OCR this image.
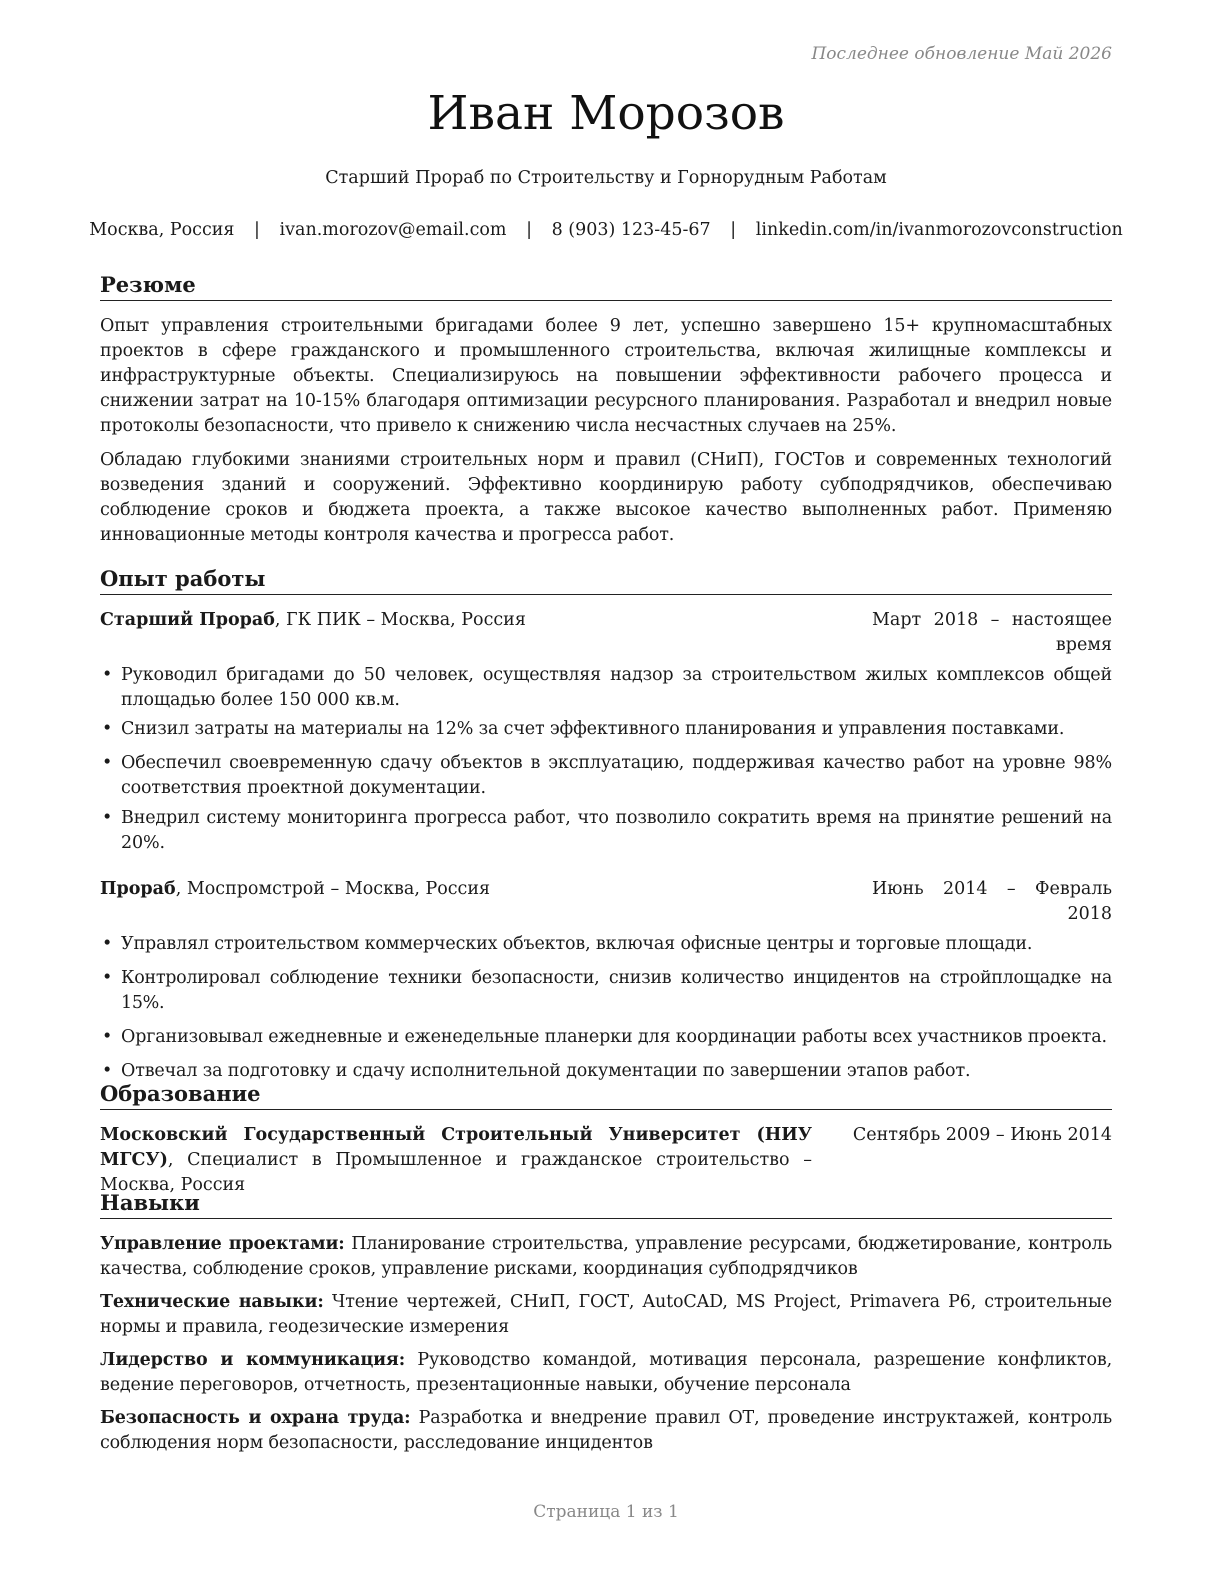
Последнее обновление Май 2026
Иван Морозов
Старший Прораб по Строительству и Горнорудным Работам
Москва, Россия | ivan.morozov@email.com | 8 (903) 123-45-67 | linkedin.com/in/ivanmorozovconstruction
Резюме

Опыт управления строительными бригадами более 9 лет, успешно завершено 15+ крупномасштабных проектов в сфере гражданского и промышленного строительства, включая жилищные комплексы и инфраструктурные объекты. Специализируюсь на повышении эффективности рабочего процесса и снижении затрат на 10-15% благодаря оптимизации ресурсного планирования. Разработал и внедрил новые протоколы безопасности, что привело к снижению числа несчастных случаев на 25%.

Обладаю глубокими знаниями строительных норм и правил (СНиП), ГОСТов и современных технологий возведения зданий и сооружений. Эффективно координирую работу субподрядчиков, обеспечиваю соблюдение сроков и бюджета проекта, а также высокое качество выполненных работ. Применяю инновационные методы контроля качества и прогресса работ.

Опыт работы
Старший Прораб, ГК ПИК – Москва, Россия	Март 2018 – настоящее время
• Руководил бригадами до 50 человек, осуществляя надзор за строительством жилых комплексов общей площадью более 150 000 кв.м.
• Снизил затраты на материалы на 12% за счет эффективного планирования и управления поставками.
• Обеспечил своевременную сдачу объектов в эксплуатацию, поддерживая качество работ на уровне 98% соответствия проектной документации.
• Внедрил систему мониторинга прогресса работ, что позволило сократить время на принятие решений на 20%.
Прораб, Моспромстрой – Москва, Россия	Июнь 2014 – Февраль 2018
• Управлял строительством коммерческих объектов, включая офисные центры и торговые площади.
• Контролировал соблюдение техники безопасности, снизив количество инцидентов на стройплощадке на 15%.
• Организовывал ежедневные и еженедельные планерки для координации работы всех участников проекта.
• Отвечал за подготовку и сдачу исполнительной документации по завершении этапов работ.
Образование
Московский Государственный Строительный Университет (НИУ МГСУ), Специалист в Промышленное и гражданское строительство – Москва, Россия
Сентябрь 2009 – Июнь 2014
Навыки

Управление проектами: Планирование строительства, управление ресурсами, бюджетирование, контроль качества, соблюдение сроков, управление рисками, координация субподрядчиков

Технические навыки: Чтение чертежей, СНиП, ГОСТ, AutoCAD, MS Project, Primavera P6, строительные нормы и правила, геодезические измерения

Лидерство и коммуникация: Руководство командой, мотивация персонала, разрешение конфликтов, ведение переговоров, отчетность, презентационные навыки, обучение персонала

Безопасность и охрана труда: Разработка и внедрение правил ОТ, проведение инструктажей, контроль соблюдения норм безопасности, расследование инцидентов

Страница 1 из 1
